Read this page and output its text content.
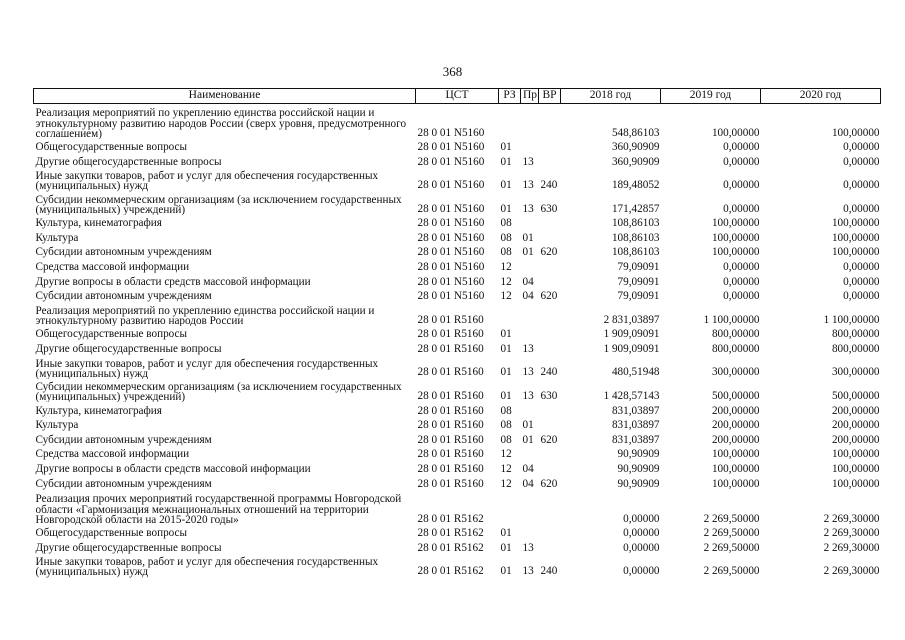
368
Наименование	ЦСТ	РЗ	Пр	ВР	2018 год	2019 год	2020 год
Реализация мероприятий по укреплению единства российской нации и этнокультурному развитию народов России (сверх уровня, предусмотренного соглашением)	28 0 01 N5160				548,86103	100,00000	100,00000
Общегосударственные вопросы	28 0 01 N5160	01			360,90909	0,00000	0,00000
Другие общегосударственные вопросы	28 0 01 N5160	01	13		360,90909	0,00000	0,00000
Иные закупки товаров, работ и услуг для обеспечения государственных (муниципальных) нужд	28 0 01 N5160	01	13	240	189,48052	0,00000	0,00000
Субсидии некоммерческим организациям (за исключением государственных (муниципальных) учреждений)	28 0 01 N5160	01	13	630	171,42857	0,00000	0,00000
Культура, кинематография	28 0 01 N5160	08			108,86103	100,00000	100,00000
Культура	28 0 01 N5160	08	01		108,86103	100,00000	100,00000
Субсидии автономным учреждениям	28 0 01 N5160	08	01	620	108,86103	100,00000	100,00000
Средства массовой информации	28 0 01 N5160	12			79,09091	0,00000	0,00000
Другие вопросы в области средств массовой информации	28 0 01 N5160	12	04		79,09091	0,00000	0,00000
Субсидии автономным учреждениям	28 0 01 N5160	12	04	620	79,09091	0,00000	0,00000
Реализация мероприятий по укреплению единства российской нации и этнокультурному развитию народов России	28 0 01 R5160				2 831,03897	1 100,00000	1 100,00000
Общегосударственные вопросы	28 0 01 R5160	01			1 909,09091	800,00000	800,00000
Другие общегосударственные вопросы	28 0 01 R5160	01	13		1 909,09091	800,00000	800,00000
Иные закупки товаров, работ и услуг для обеспечения государственных (муниципальных) нужд	28 0 01 R5160	01	13	240	480,51948	300,00000	300,00000
Субсидии некоммерческим организациям (за исключением государственных (муниципальных) учреждений)	28 0 01 R5160	01	13	630	1 428,57143	500,00000	500,00000
Культура, кинематография	28 0 01 R5160	08			831,03897	200,00000	200,00000
Культура	28 0 01 R5160	08	01		831,03897	200,00000	200,00000
Субсидии автономным учреждениям	28 0 01 R5160	08	01	620	831,03897	200,00000	200,00000
Средства массовой информации	28 0 01 R5160	12			90,90909	100,00000	100,00000
Другие вопросы в области средств массовой информации	28 0 01 R5160	12	04		90,90909	100,00000	100,00000
Субсидии автономным учреждениям	28 0 01 R5160	12	04	620	90,90909	100,00000	100,00000
Реализация прочих мероприятий государственной программы Новгородской области «Гармонизация межнациональных отношений на территории Новгородской области на 2015-2020 годы»	28 0 01 R5162				0,00000	2 269,50000	2 269,30000
Общегосударственные вопросы	28 0 01 R5162	01			0,00000	2 269,50000	2 269,30000
Другие общегосударственные вопросы	28 0 01 R5162	01	13		0,00000	2 269,50000	2 269,30000
Иные закупки товаров, работ и услуг для обеспечения государственных (муниципальных) нужд	28 0 01 R5162	01	13	240	0,00000	2 269,50000	2 269,30000
